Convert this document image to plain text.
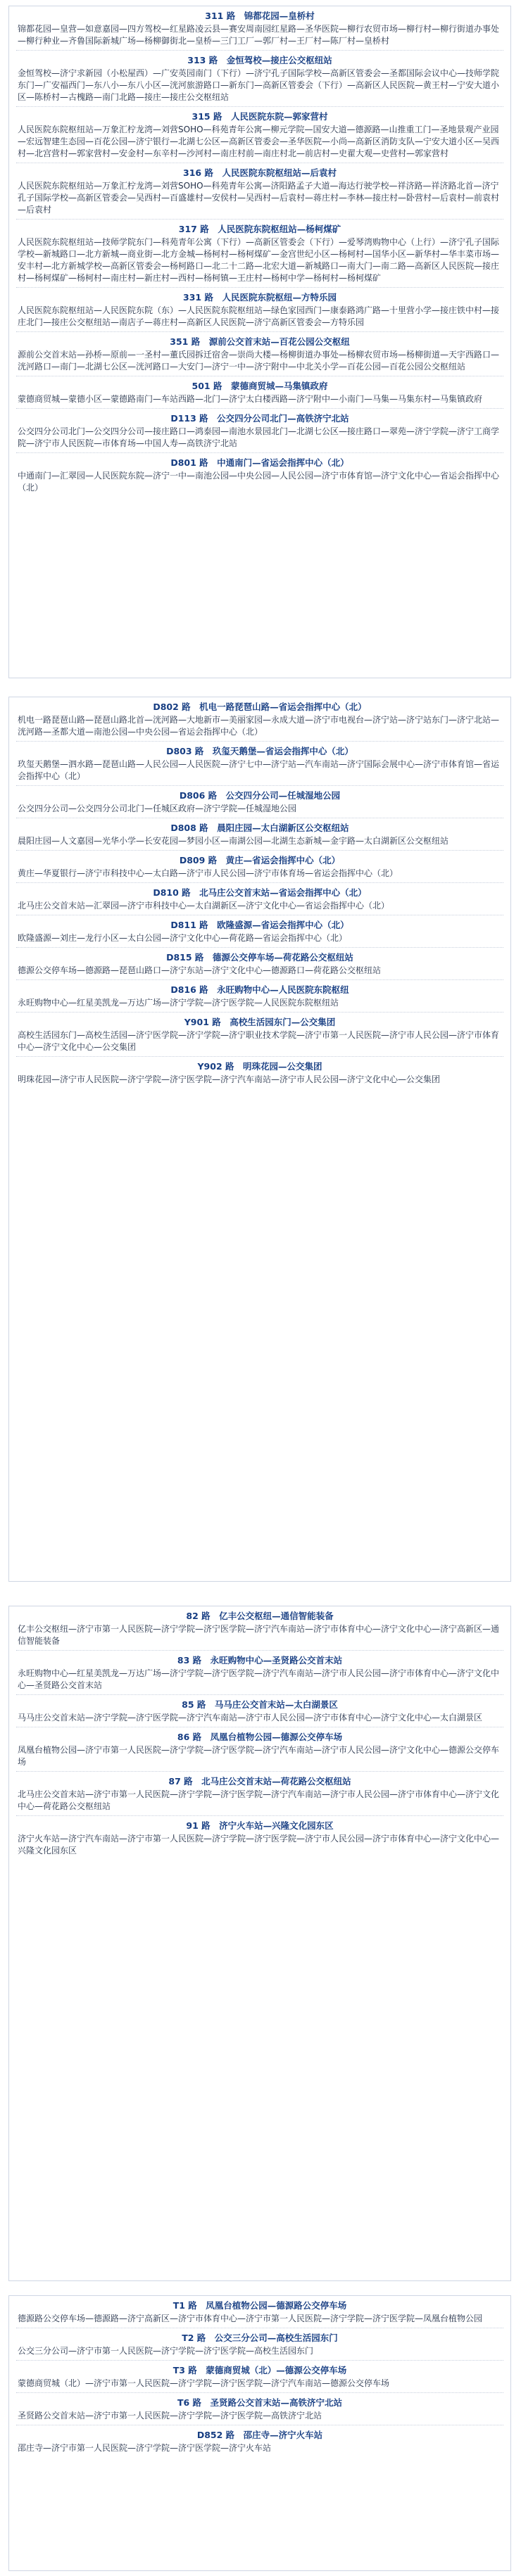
311 路　锦都花园—皇桥村
锦都花园—皇营—如意嘉园—四方驾校—红星路凌云县—赛安周南园红星路—圣华医院—柳行农贸市场—柳行村—柳行街道办事处—柳行种业—齐鲁国际新城广场—杨柳御街北—皇桥—三门工厂—郭厂村—王厂村—陈厂村—皇桥村
313 路　金恒驾校—接庄公交枢纽站
金恒驾校—济宁求新园（小松屋西）—广安英园南门（下行）—济宁孔子国际学校—高新区管委会—圣都国际会议中心—技师学院东门—广安福西门—东八小—东八小区—洸河旅游路口—新东门—高新区管委会（下行）—高新区人民医院—黄王村—宁安大道小区—陈桥村—古槐路—南门北路—接庄—接庄公交枢纽站
315 路　人民医院东院—郭家营村
人民医院东院枢纽站—万象汇柠龙湾—刘营SOHO—科苑青年公寓—柳元学院—国安大道—德源路—山推重工门—圣地景观产业园—宏远智建生态园—百花公园—济宁银行—北湖七公区—高新区管委会—圣华医院—小尚—高新区消防支队—宁安大道小区—吴西村—北宫营村—郭家营村—安金村—东辛村—沙河村—南庄村前—南庄村北—前店村—史翟大观—史营村—郭家营村
316 路　人民医院东院枢纽站—后袁村
人民医院东院枢纽站—万象汇柠龙湾—刘营SOHO—科苑青年公寓—济阳路孟子大道—海达行驶学校—祥济路—祥济路北首—济宁孔子国际学校—高新区管委会—吴西村—百盛雄村—安侯村—吴西村—后袁村—蒋庄村—李林—接庄村—卧营村—后袁村—前袁村—后袁村
317 路　人民医院东院枢纽站—杨柯煤矿
人民医院东院枢纽站—技师学院东门—科苑青年公寓（下行）—高新区管委会（下行）—爱琴湾购物中心（上行）—济宁孔子国际学校—新城路口—北方新城—商业街—北方金城—杨柯村—杨柯煤矿—金宫世纪小区—杨柯村—国华小区—新华村—华丰菜市场—安丰村—北方新城学校—高新区管委会—杨柯路口—北二十二路—北宏大道—新城路口—南大门—南二路—高新区人民医院—接庄村—杨柯煤矿—杨柯村—南庄村—新庄村—西村—杨柯镇—王庄村—杨柯中学—杨柯村—杨柯煤矿
331 路　人民医院东院枢纽—方特乐园
人民医院东院枢纽站—人民医院东院（东）—人民医院东院枢纽站—绿色家园西门—康泰路鸿广路—十里营小学—接庄铁中村—接庄北门—接庄公交枢纽站—南店子—蒋庄村—高新区人民医院—济宁高新区管委会—方特乐园
351 路　源前公交首末站—百花公园公交枢纽
源前公交首末站—孙桥—原前—一圣村—董氏园拆迁宿舍—崇尚大楼—杨柳街道办事处—杨柳农贸市场—杨柳街道—天宇西路口—洸河路口—南门—北湖七公区—洸河路口—大安门—济宁一中—济宁附中—中北关小学—百花公园—百花公园公交枢纽站
501 路　蒙德商贸城—马集镇政府
蒙德商贸城—蒙德小区—蒙德路南门—车站西路—北门—济宁太白楼西路—济宁附中—小南门—马集—马集东村—马集镇政府
D113 路　公交四分公司北门—高铁济宁北站
公交四分公司北门—公交四分公司—接庄路口—鸿泰园—南池水景园北门—北湖七公区—接庄路口—翠苑—济宁学院—济宁工商学院—济宁市人民医院—市体育场—中国人寿—高铁济宁北站
D801 路　中通南门—省运会指挥中心（北）
中通南门—汇翠园—人民医院东院—济宁一中—南池公园—中央公园—人民公园—济宁市体育馆—济宁文化中心—省运会指挥中心（北）
D802 路　机电一路琵琶山路—省运会指挥中心（北）
机电一路琵琶山路—琵琶山路北首—洸河路—大地新市—美丽家园—永成大道—济宁市电视台—济宁站—济宁站东门—济宁北站—洸河路—圣都大道—南池公园—中央公园—省运会指挥中心（北）
D803 路　玖玺天鹅堡—省运会指挥中心（北）
玖玺天鹅堡—泗水路—琵琶山路—人民公园—人民医院—济宁七中—济宁站—汽车南站—济宁国际会展中心—济宁市体育馆—省运会指挥中心（北）
D806 路　公交四分公司—任城湿地公园
公交四分公司—公交四分公司北门—任城区政府—济宁学院—任城湿地公园
D808 路　晨阳庄园—太白湖新区公交枢纽站
晨阳庄园—人文嘉园—光华小学—长安花园—梦园小区—南湖公园—北湖生态新城—金宇路—太白湖新区公交枢纽站
D809 路　黄庄—省运会指挥中心（北）
黄庄—华夏银行—济宁市科技中心—太白路—济宁市人民公园—济宁市体育场—省运会指挥中心（北）
D810 路　北马庄公交首末站—省运会指挥中心（北）
北马庄公交首末站—汇翠园—济宁市科技中心—太白湖新区—济宁文化中心—省运会指挥中心（北）
D811 路　欧隆盛源—省运会指挥中心（北）
欧隆盛源—刘庄—龙行小区—太白公园—济宁文化中心—荷花路—省运会指挥中心（北）
D815 路　德源公交停车场—荷花路公交枢纽站
德源公交停车场—德源路—琵琶山路口—济宁东站—济宁文化中心—德源路口—荷花路公交枢纽站
D816 路　永旺购物中心—人民医院东院枢纽
永旺购物中心—红星美凯龙—万达广场—济宁学院—济宁医学院—人民医院东院枢纽站
Y901 路　高校生活园东门—公交集团
高校生活园东门—高校生活园—济宁医学院—济宁学院—济宁职业技术学院—济宁市第一人民医院—济宁市人民公园—济宁市体育中心—济宁文化中心—公交集团
Y902 路　明珠花园—公交集团
明珠花园—济宁市人民医院—济宁学院—济宁医学院—济宁汽车南站—济宁市人民公园—济宁文化中心—公交集团
82 路　亿丰公交枢纽—通信智能装备
亿丰公交枢纽—济宁市第一人民医院—济宁学院—济宁医学院—济宁汽车南站—济宁市体育中心—济宁文化中心—济宁高新区—通信智能装备
83 路　永旺购物中心—圣贤路公交首末站
永旺购物中心—红星美凯龙—万达广场—济宁学院—济宁医学院—济宁汽车南站—济宁市人民公园—济宁市体育中心—济宁文化中心—圣贤路公交首末站
85 路　马马庄公交首末站—太白湖景区
马马庄公交首末站—济宁学院—济宁医学院—济宁汽车南站—济宁市人民公园—济宁市体育中心—济宁文化中心—太白湖景区
86 路　凤凰台植物公园—德源公交停车场
凤凰台植物公园—济宁市第一人民医院—济宁学院—济宁医学院—济宁汽车南站—济宁市人民公园—济宁文化中心—德源公交停车场
87 路　北马庄公交首末站—荷花路公交枢纽站
北马庄公交首末站—济宁市第一人民医院—济宁学院—济宁医学院—济宁汽车南站—济宁市人民公园—济宁市体育中心—济宁文化中心—荷花路公交枢纽站
91 路　济宁火车站—兴隆文化园东区
济宁火车站—济宁汽车南站—济宁市第一人民医院—济宁学院—济宁医学院—济宁市人民公园—济宁市体育中心—济宁文化中心—兴隆文化园东区
T1 路　凤凰台植物公园—德源路公交停车场
德源路公交停车场—德源路—济宁高新区—济宁市体育中心—济宁市第一人民医院—济宁学院—济宁医学院—凤凰台植物公园
T2 路　公交三分公司—高校生活园东门
公交三分公司—济宁市第一人民医院—济宁学院—济宁医学院—高校生活园东门
T3 路　蒙德商贸城（北）—德源公交停车场
蒙德商贸城（北）—济宁市第一人民医院—济宁学院—济宁医学院—济宁汽车南站—德源公交停车场
T6 路　圣贤路公交首末站—高铁济宁北站
圣贤路公交首末站—济宁市第一人民医院—济宁学院—济宁医学院—高铁济宁北站
D852 路　邵庄寺—济宁火车站
邵庄寺—济宁市第一人民医院—济宁学院—济宁医学院—济宁火车站
